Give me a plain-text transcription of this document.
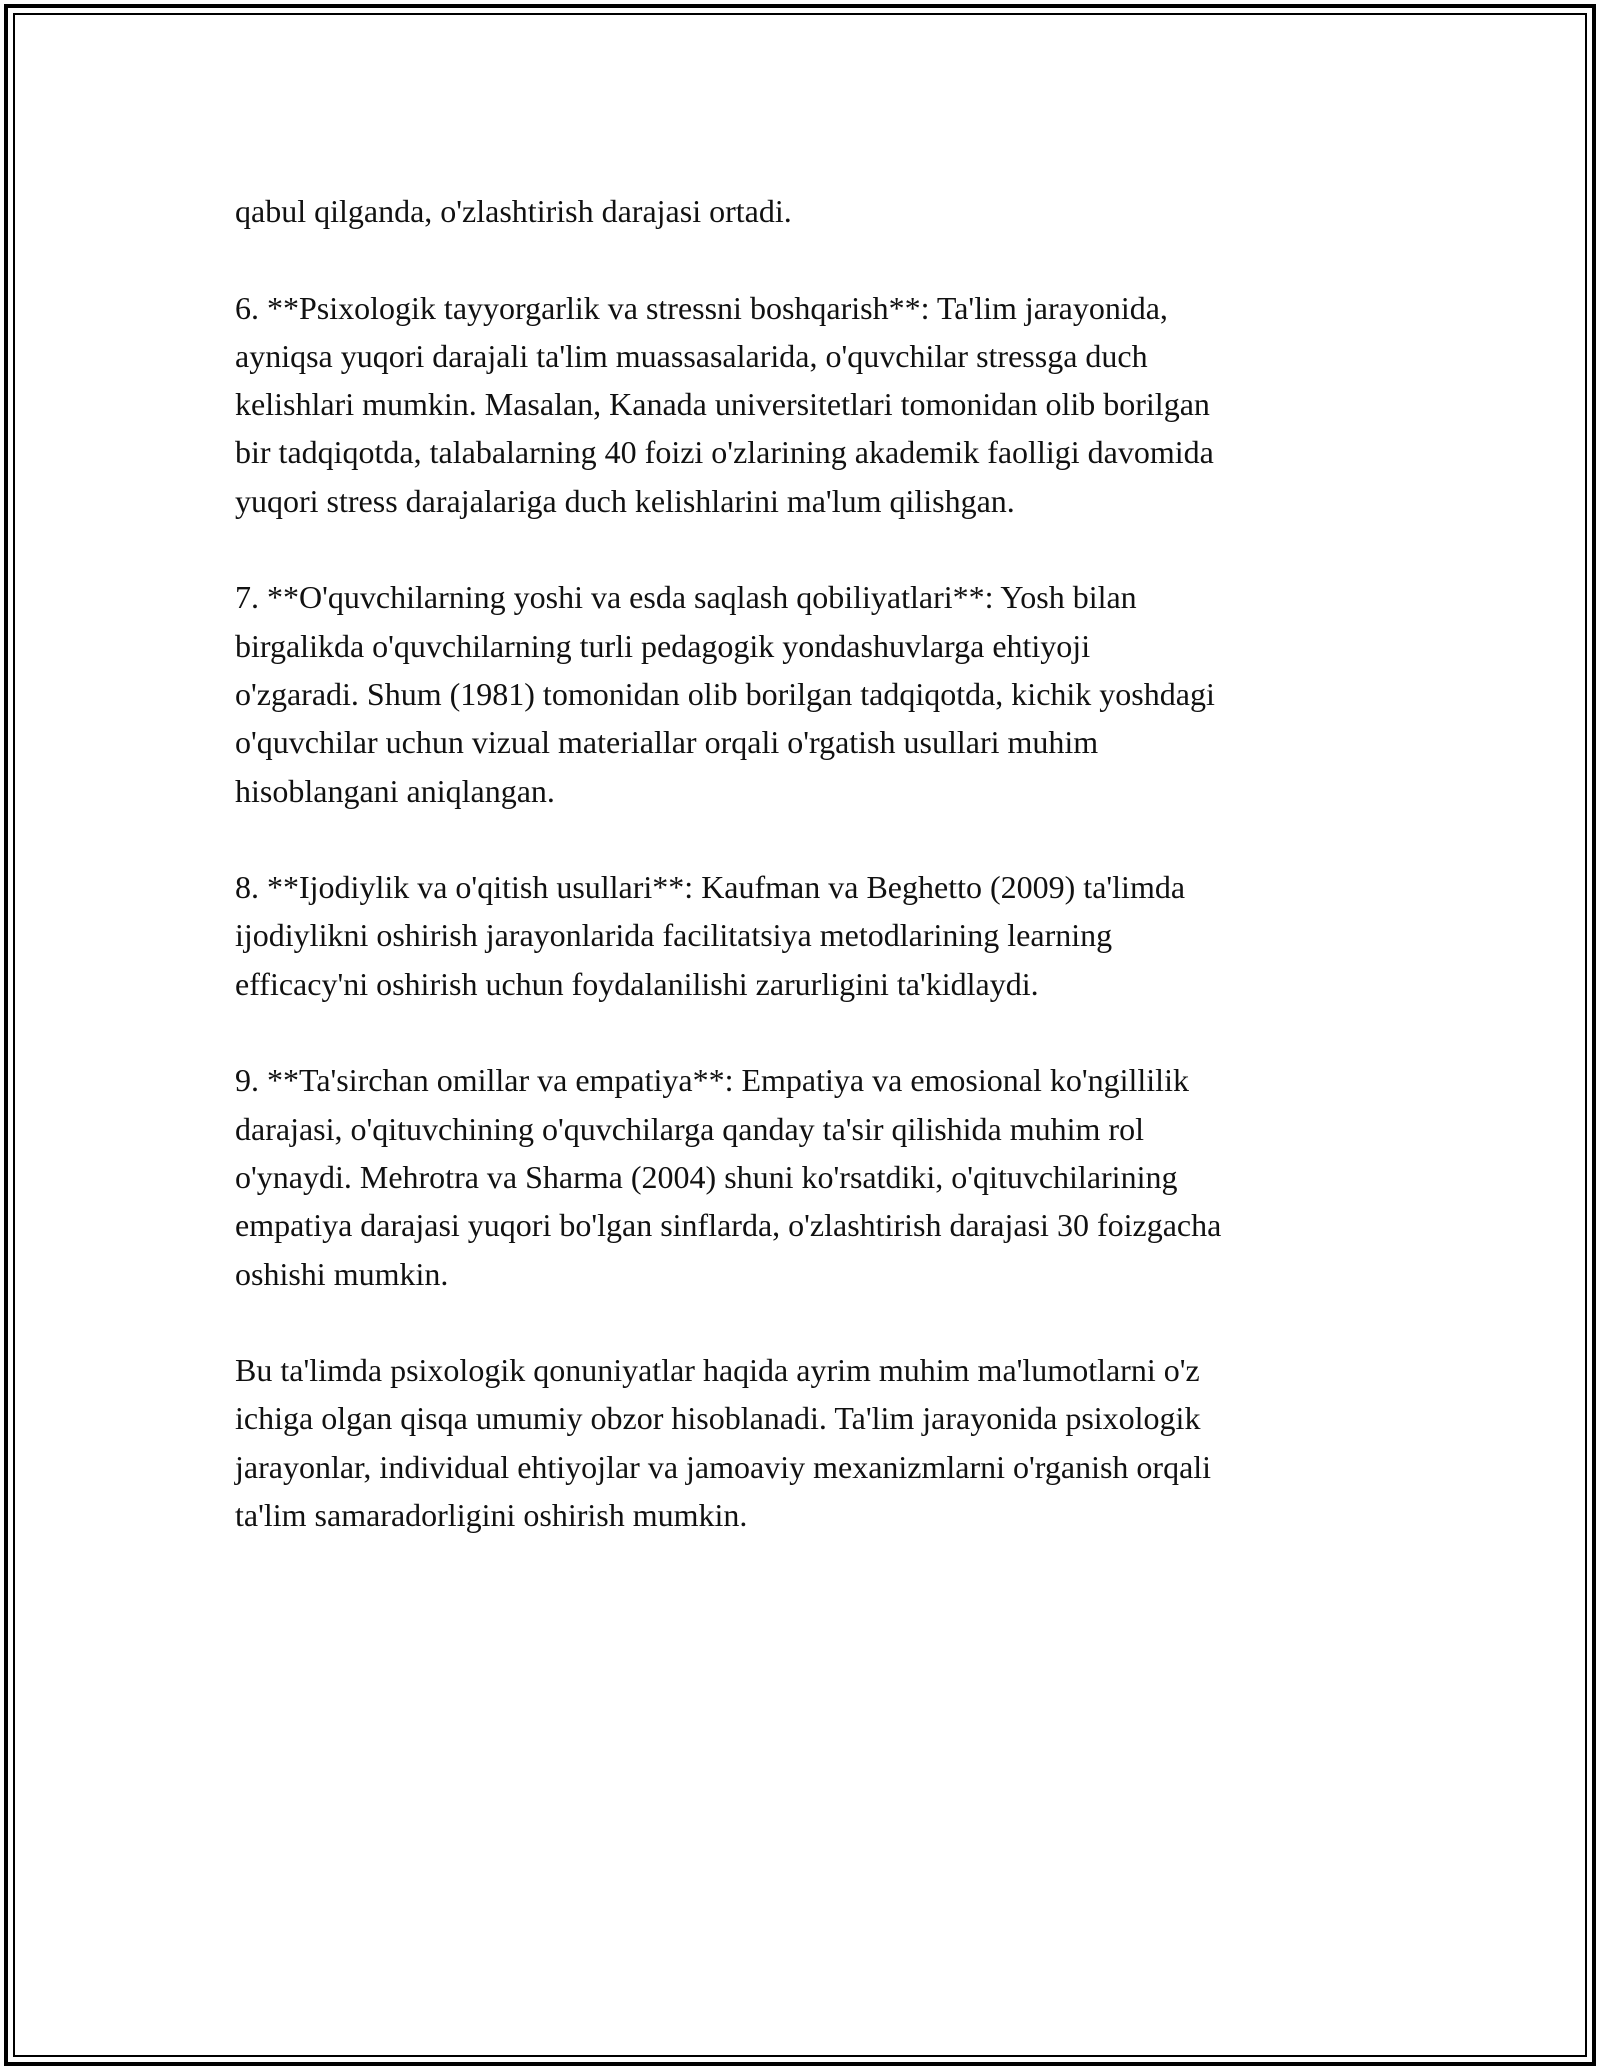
qabul qilganda, o'zlashtirish darajasi ortadi.

6. **Psixologik tayyorgarlik va stressni boshqarish**: Ta'lim jarayonida,
ayniqsa yuqori darajali ta'lim muassasalarida, o'quvchilar stressga duch
kelishlari mumkin. Masalan, Kanada universitetlari tomonidan olib borilgan
bir tadqiqotda, talabalarning 40 foizi o'zlarining akademik faolligi davomida
yuqori stress darajalariga duch kelishlarini ma'lum qilishgan.

7. **O'quvchilarning yoshi va esda saqlash qobiliyatlari**: Yosh bilan
birgalikda o'quvchilarning turli pedagogik yondashuvlarga ehtiyoji
o'zgaradi. Shum (1981) tomonidan olib borilgan tadqiqotda, kichik yoshdagi
o'quvchilar uchun vizual materiallar orqali o'rgatish usullari muhim
hisoblangani aniqlangan.

8. **Ijodiylik va o'qitish usullari**: Kaufman va Beghetto (2009) ta'limda
ijodiylikni oshirish jarayonlarida facilitatsiya metodlarining learning
efficacy'ni oshirish uchun foydalanilishi zarurligini ta'kidlaydi.

9. **Ta'sirchan omillar va empatiya**: Empatiya va emosional ko'ngillilik
darajasi, o'qituvchining o'quvchilarga qanday ta'sir qilishida muhim rol
o'ynaydi. Mehrotra va Sharma (2004) shuni ko'rsatdiki, o'qituvchilarining
empatiya darajasi yuqori bo'lgan sinflarda, o'zlashtirish darajasi 30 foizgacha
oshishi mumkin.

Bu ta'limda psixologik qonuniyatlar haqida ayrim muhim ma'lumotlarni o'z
ichiga olgan qisqa umumiy obzor hisoblanadi. Ta'lim jarayonida psixologik
jarayonlar, individual ehtiyojlar va jamoaviy mexanizmlarni o'rganish orqali
ta'lim samaradorligini oshirish mumkin.
